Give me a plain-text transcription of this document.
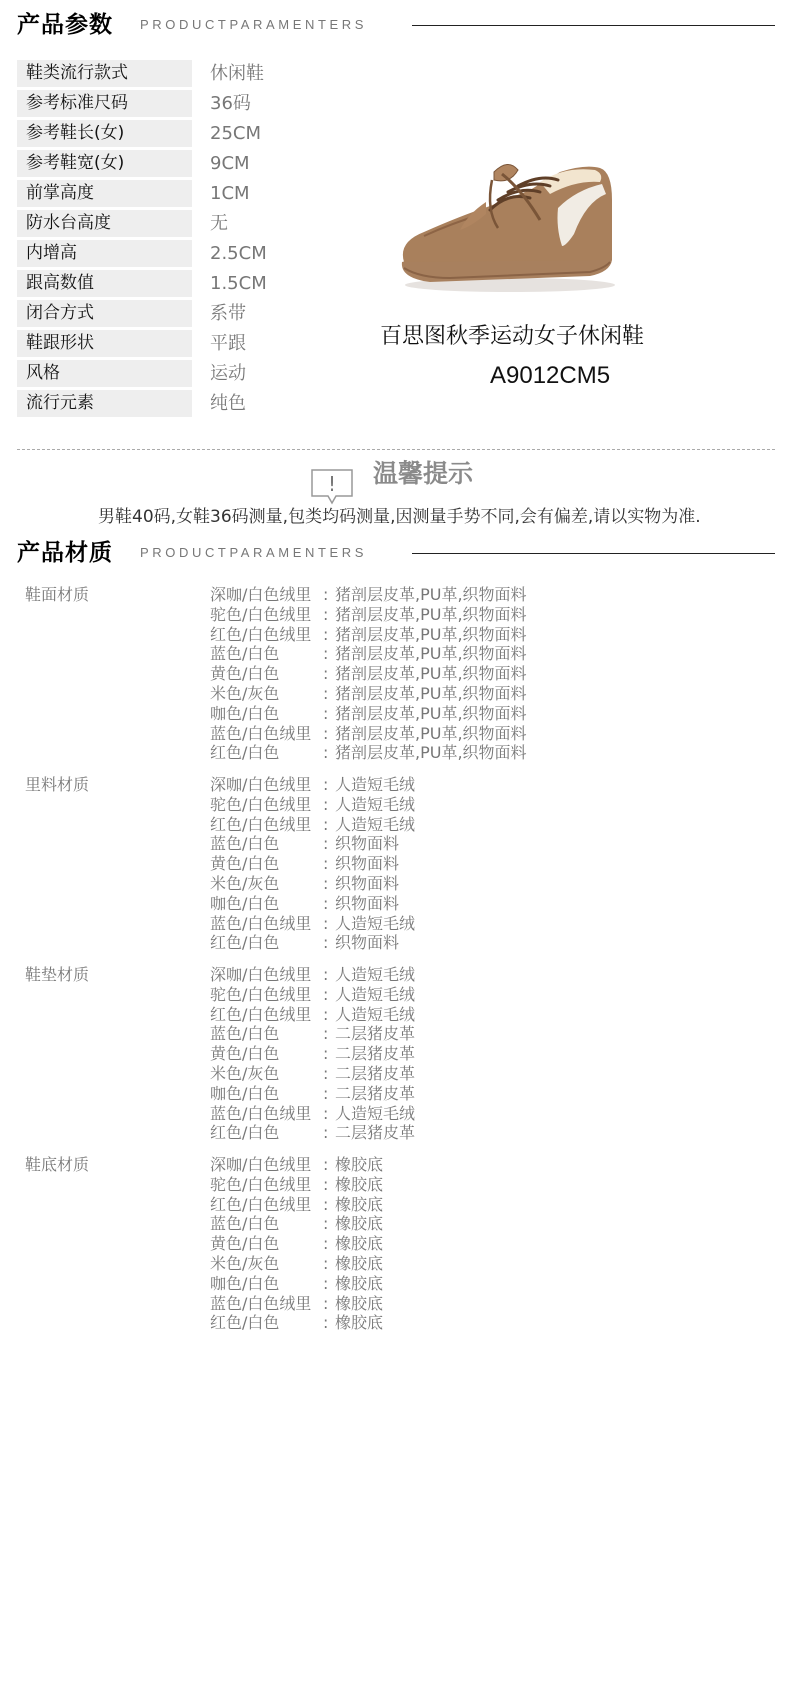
产品参数 PRODUCTPARAMENTERS
鞋类流行款式	休闲鞋
参考标准尺码	36码
参考鞋长(女)	25CM
参考鞋宽(女)	9CM
前掌高度	1CM
防水台高度	无
内增高	2.5CM
跟高数值	1.5CM
闭合方式	系带
鞋跟形状	平跟
风格	运动
流行元素	纯色
百思图秋季运动女子休闲鞋
A9012CM5
! 温馨提示
男鞋40码,女鞋36码测量,包类均码测量,因测量手势不同,会有偏差,请以实物为准.
产品材质 PRODUCTPARAMENTERS
鞋面材质	深咖/白色绒里 : 猪剖层皮革,PU革,织物面料
驼色/白色绒里 : 猪剖层皮革,PU革,织物面料
红色/白色绒里 : 猪剖层皮革,PU革,织物面料
蓝色/白色	: 猪剖层皮革,PU革,织物面料
黄色/白色	: 猪剖层皮革,PU革,织物面料
米色/灰色	: 猪剖层皮革,PU革,织物面料
咖色/白色	: 猪剖层皮革,PU革,织物面料
蓝色/白色绒里 : 猪剖层皮革,PU革,织物面料
红色/白色	: 猪剖层皮革,PU革,织物面料
里料材质	深咖/白色绒里 : 人造短毛绒
驼色/白色绒里 : 人造短毛绒
红色/白色绒里 : 人造短毛绒
蓝色/白色	: 织物面料
黄色/白色	: 织物面料
米色/灰色	: 织物面料
咖色/白色	: 织物面料
蓝色/白色绒里 : 人造短毛绒
红色/白色	: 织物面料
鞋垫材质	深咖/白色绒里 : 人造短毛绒
驼色/白色绒里 : 人造短毛绒
红色/白色绒里 : 人造短毛绒
蓝色/白色	: 二层猪皮革
黄色/白色	: 二层猪皮革
米色/灰色	: 二层猪皮革
咖色/白色	: 二层猪皮革
蓝色/白色绒里 : 人造短毛绒
红色/白色	: 二层猪皮革
鞋底材质	深咖/白色绒里 : 橡胶底
驼色/白色绒里 : 橡胶底
红色/白色绒里 : 橡胶底
蓝色/白色	: 橡胶底
黄色/白色	: 橡胶底
米色/灰色	: 橡胶底
咖色/白色	: 橡胶底
蓝色/白色绒里 : 橡胶底
红色/白色	: 橡胶底
